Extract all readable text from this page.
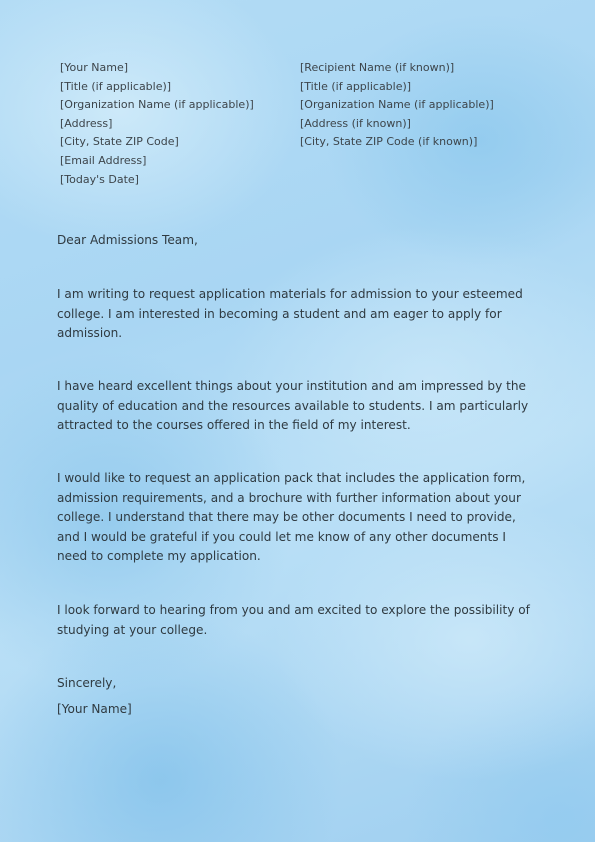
[Your Name]
[Title (if applicable)]
[Organization Name (if applicable)]
[Address]
[City, State ZIP Code]
[Email Address]
[Today's Date]
[Recipient Name (if known)]
[Title (if applicable)]
[Organization Name (if applicable)]
[Address (if known)]
[City, State ZIP Code (if known)]
Dear Admissions Team,

I am writing to request application materials for admission to your esteemed college. I am interested in becoming a student and am eager to apply for admission.

I have heard excellent things about your institution and am impressed by the quality of education and the resources available to students. I am particularly attracted to the courses offered in the field of my interest.

I would like to request an application pack that includes the application form, admission requirements, and a brochure with further information about your college. I understand that there may be other documents I need to provide, and I would be grateful if you could let me know of any other documents I need to complete my application.

I look forward to hearing from you and am excited to explore the possibility of studying at your college.

Sincerely,
[Your Name]
